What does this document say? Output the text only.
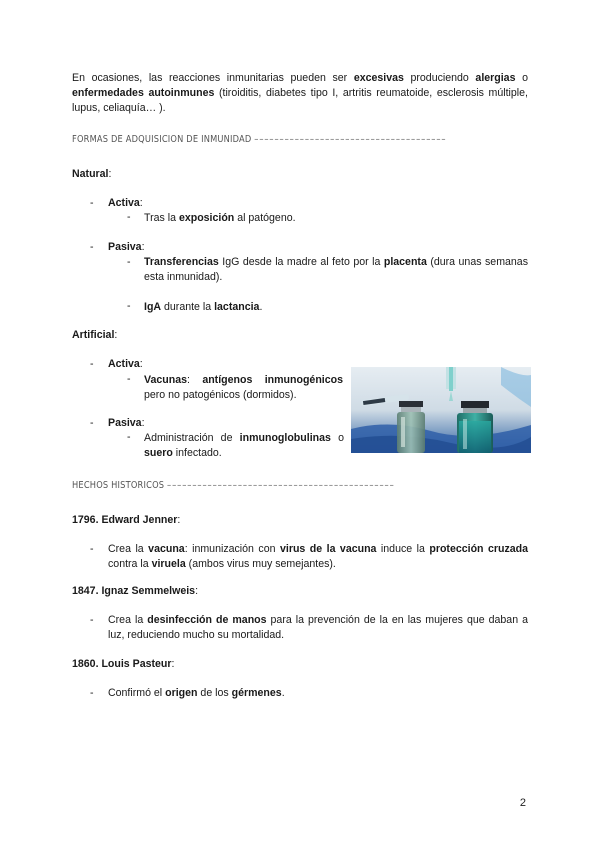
En ocasiones, las reacciones inmunitarias pueden ser excesivas produciendo alergias o enfermedades autoinmunes (tiroiditis, diabetes tipo I, artritis reumatoide, esclerosis múltiple, lupus, celiaquía… ).
FORMAS DE ADQUISICIÓN DE INMUNIDAD ––––––––––––––––––––––––––––––––––––––
Natural:
- Activa:
- Tras la exposición al patógeno.
- Pasiva:
- Transferencias IgG desde la madre al feto por la placenta (dura unas semanas esta inmunidad).
- IgA durante la lactancia.
Artificial:
- Activa:
- Vacunas: antígenos inmunogénicos pero no patogénicos (dormidos).
- Pasiva:
- Administración de inmunoglobulinas o suero infectado.
HECHOS HISTÓRICOS –––––––––––––––––––––––––––––––––––––––––––––
1796. Edward Jenner:
- Crea la vacuna: inmunización con virus de la vacuna induce la protección cruzada contra la viruela (ambos virus muy semejantes).
1847. Ignaz Semmelweis:
- Crea la desinfección de manos para la prevención de la en las mujeres que daban a luz, reduciendo mucho su mortalidad.
1860. Louis Pasteur:
- Confirmó el origen de los gérmenes.
2
